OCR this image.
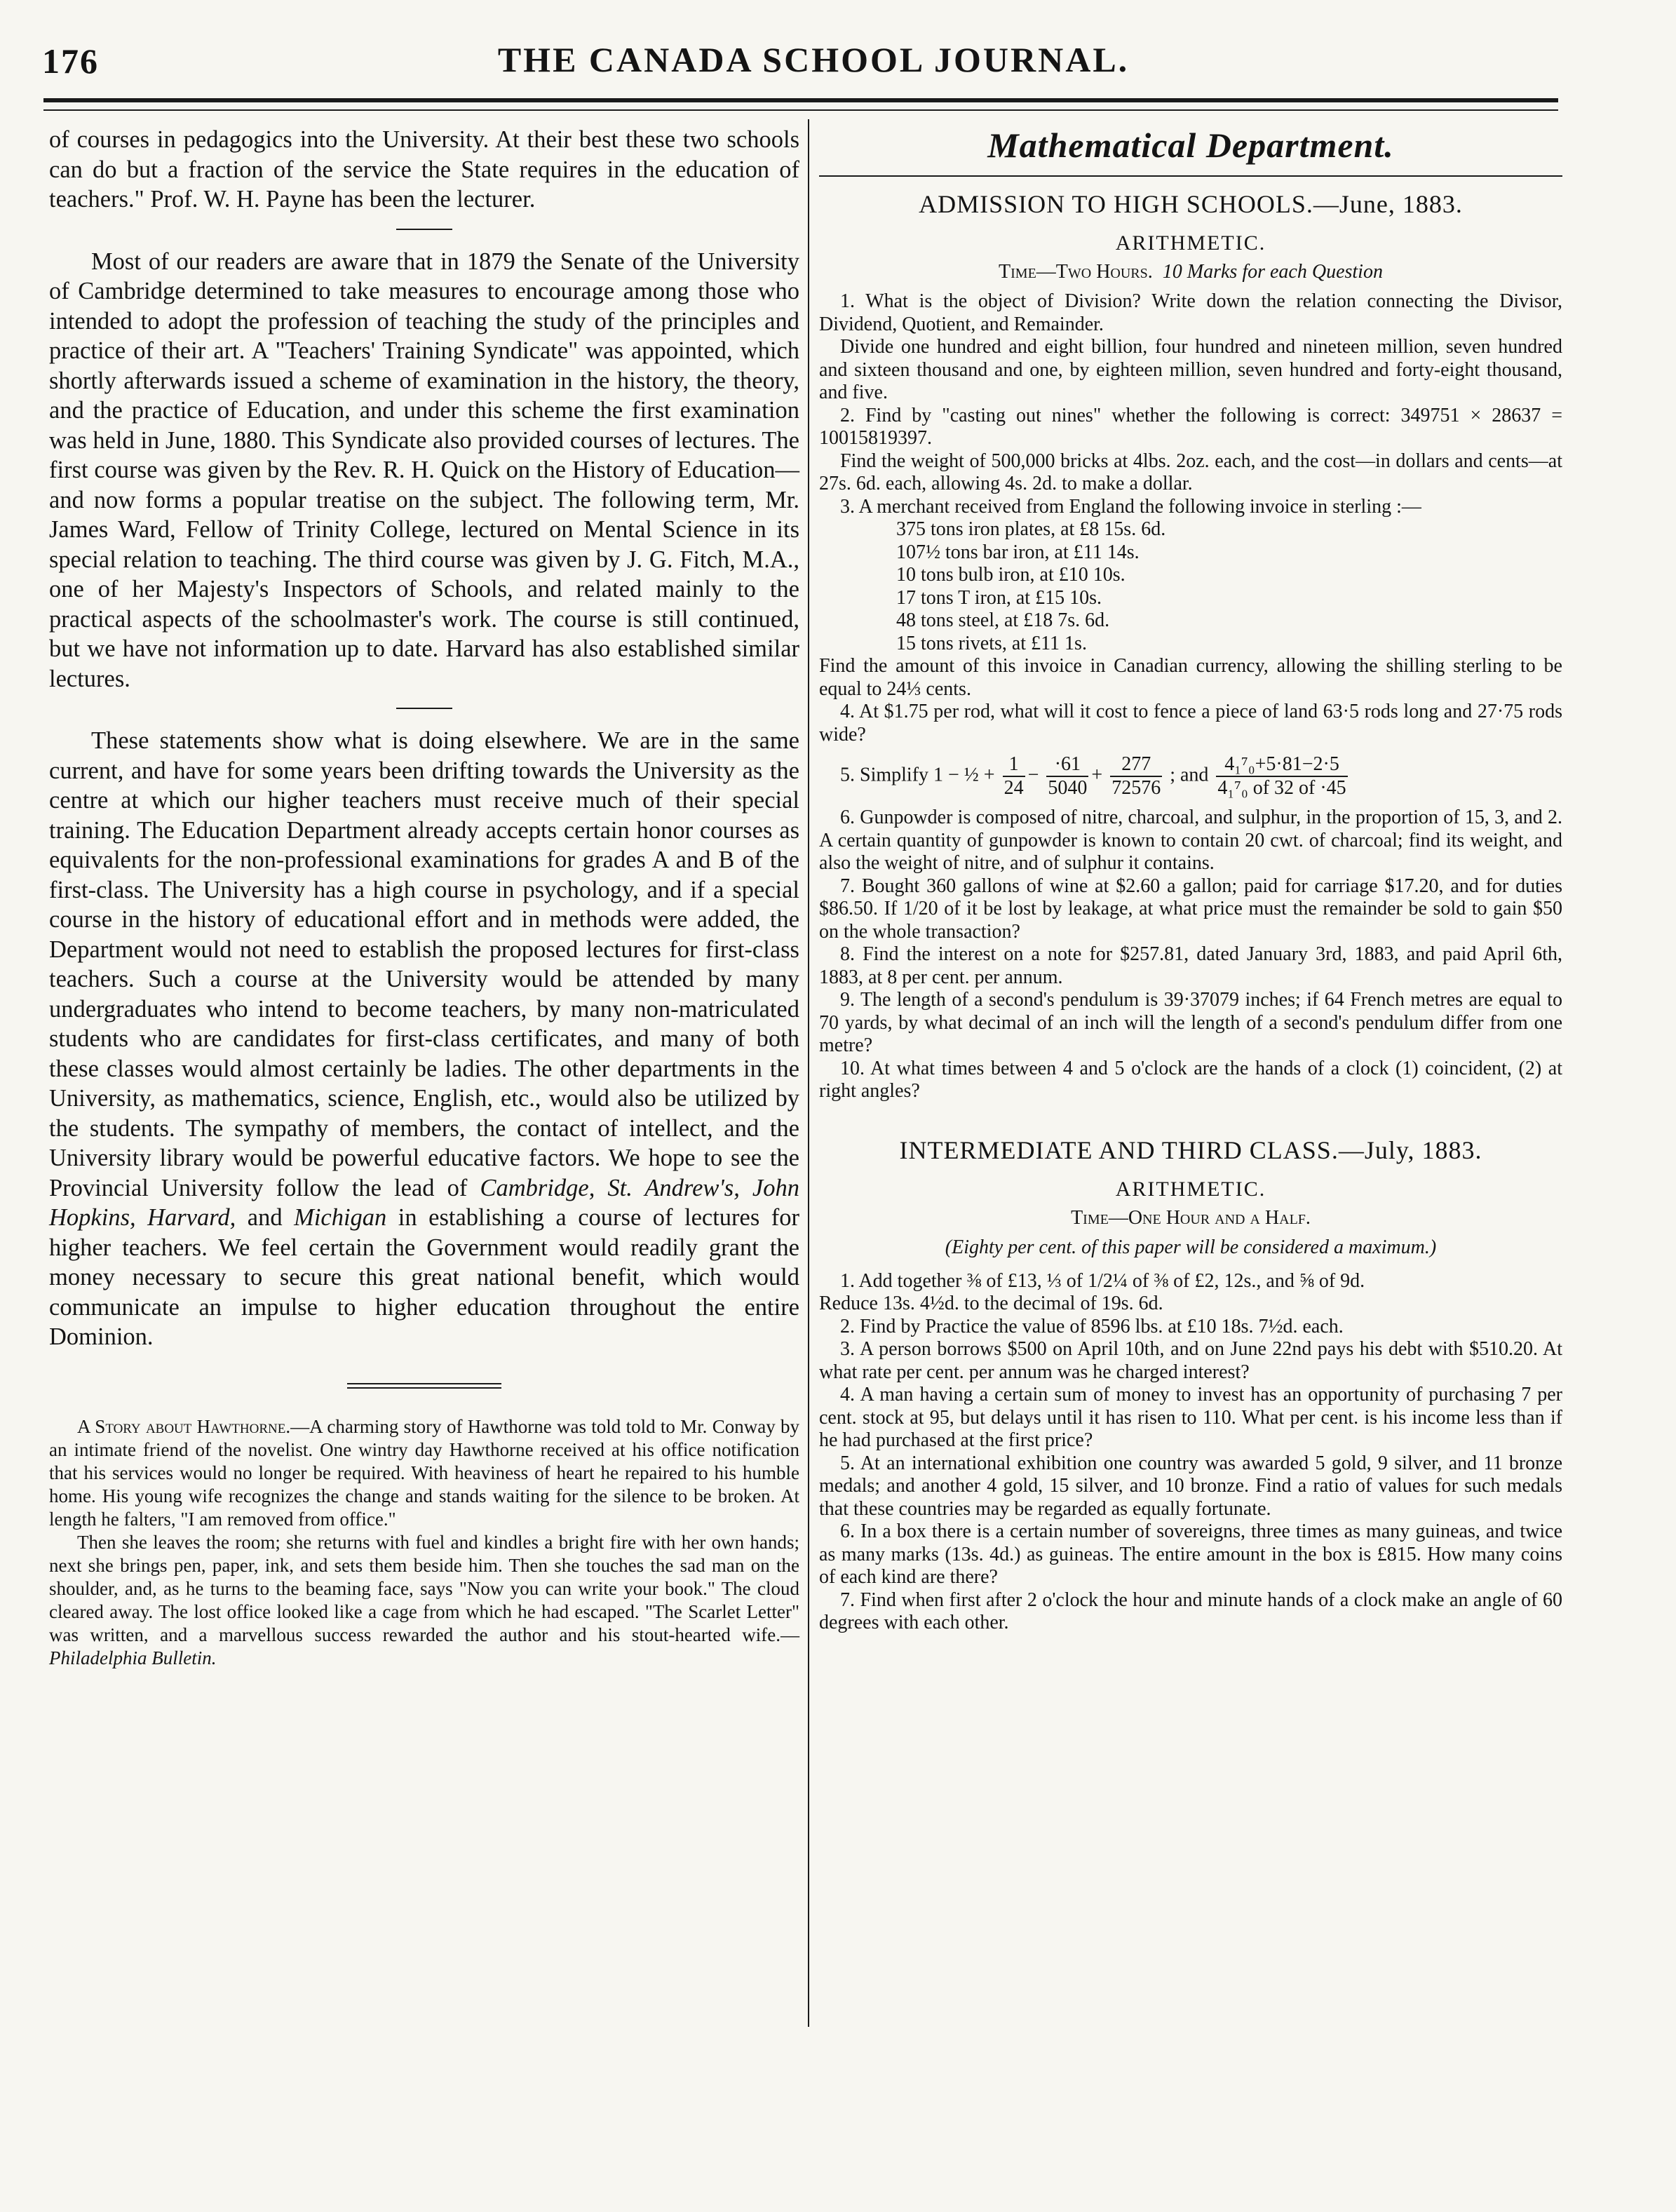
176	THE CANADA SCHOOL JOURNAL.

of courses in pedagogics into the University. At their best these two schools can do but a fraction of the service the State requires in the education of teachers." Prof. W. H. Payne has been the lecturer.

Most of our readers are aware that in 1879 the Senate of the University of Cambridge determined to take measures to encourage among those who intended to adopt the profession of teaching the study of the principles and practice of their art. A "Teachers' Training Syndicate" was appointed, which shortly afterwards issued a scheme of examination in the history, the theory, and the practice of Education, and under this scheme the first examination was held in June, 1880. This Syndicate also provided courses of lectures. The first course was given by the Rev. R. H. Quick on the History of Education—and now forms a popular treatise on the subject. The following term, Mr. James Ward, Fellow of Trinity College, lectured on Mental Science in its special relation to teaching. The third course was given by J. G. Fitch, M.A., one of her Majesty's Inspectors of Schools, and related mainly to the practical aspects of the schoolmaster's work. The course is still continued, but we have not information up to date. Harvard has also established similar lectures.

These statements show what is doing elsewhere. We are in the same current, and have for some years been drifting towards the University as the centre at which our higher teachers must receive much of their special training. The Education Department already accepts certain honor courses as equivalents for the non-professional examinations for grades A and B of the first-class. The University has a high course in psychology, and if a special course in the history of educational effort and in methods were added, the Department would not need to establish the proposed lectures for first-class teachers. Such a course at the University would be attended by many undergraduates who intend to become teachers, by many non-matriculated students who are candidates for first-class certificates, and many of both these classes would almost certainly be ladies. The other departments in the University, as mathematics, science, English, etc., would also be utilized by the students. The sympathy of members, the contact of intellect, and the University library would be powerful educative factors. We hope to see the Provincial University follow the lead of Cambridge, St. Andrew's, John Hopkins, Harvard, and Michigan in establishing a course of lectures for higher teachers. We feel certain the Government would readily grant the money necessary to secure this great national benefit, which would communicate an impulse to higher education throughout the entire Dominion.

A Story about Hawthorne.—A charming story of Hawthorne was told told to Mr. Conway by an intimate friend of the novelist. One wintry day Hawthorne received at his office notification that his services would no longer be required. With heaviness of heart he repaired to his humble home. His young wife recognizes the change and stands waiting for the silence to be broken. At length he falters, "I am removed from office."

Then she leaves the room; she returns with fuel and kindles a bright fire with her own hands; next she brings pen, paper, ink, and sets them beside him. Then she touches the sad man on the shoulder, and, as he turns to the beaming face, says "Now you can write your book." The cloud cleared away. The lost office looked like a cage from which he had escaped. "The Scarlet Letter" was written, and a marvellous success rewarded the author and his stout-hearted wife.—Philadelphia Bulletin.

Mathematical Department.
ADMISSION TO HIGH SCHOOLS.—June, 1883.
ARITHMETIC.
Time—Two Hours. 10 Marks for each Question

1. What is the object of Division? Write down the relation connecting the Divisor, Dividend, Quotient, and Remainder.

Divide one hundred and eight billion, four hundred and nineteen million, seven hundred and sixteen thousand and one, by eighteen million, seven hundred and forty-eight thousand, and five.

2. Find by "casting out nines" whether the following is correct: 349751 × 28637 = 10015819397.

Find the weight of 500,000 bricks at 4lbs. 2oz. each, and the cost—in dollars and cents—at 27s. 6d. each, allowing 4s. 2d. to make a dollar.

3. A merchant received from England the following invoice in sterling :—

375 tons iron plates, at £8 15s. 6d.

107½ tons bar iron, at £11 14s.

10 tons bulb iron, at £10 10s.

17 tons T iron, at £15 10s.

48 tons steel, at £18 7s. 6d.

15 tons rivets, at £11 1s.

Find the amount of this invoice in Canadian currency, allowing the shilling sterling to be equal to 24⅓ cents.

4. At $1.75 per rod, what will it cost to fence a piece of land 63·5 rods long and 27·75 rods wide?

5. Simplify 1 − ½ + $\frac{1}{24} - \frac{\cdot 61}{5040} + \frac{277}{72576}$ ; and $\frac{\text{4₁⁷₀+5·81−2·5}}{\text{4₁⁷₀ of 32 of ·45}}$

6. Gunpowder is composed of nitre, charcoal, and sulphur, in the proportion of 15, 3, and 2. A certain quantity of gunpowder is known to contain 20 cwt. of charcoal; find its weight, and also the weight of nitre, and of sulphur it contains.

7. Bought 360 gallons of wine at $2.60 a gallon; paid for carriage $17.20, and for duties $86.50. If 1/20 of it be lost by leakage, at what price must the remainder be sold to gain $50 on the whole transaction?

8. Find the interest on a note for $257.81, dated January 3rd, 1883, and paid April 6th, 1883, at 8 per cent. per annum.

9. The length of a second's pendulum is 39·37079 inches; if 64 French metres are equal to 70 yards, by what decimal of an inch will the length of a second's pendulum differ from one metre?

10. At what times between 4 and 5 o'clock are the hands of a clock (1) coincident, (2) at right angles?

INTERMEDIATE AND THIRD CLASS.—July, 1883.
ARITHMETIC.
Time—One Hour and a Half.
(Eighty per cent. of this paper will be considered a maximum.)

1. Add together ⅜ of £13, ⅓ of 1/2¼ of ⅜ of £2, 12s., and ⅝ of 9d.

Reduce 13s. 4½d. to the decimal of 19s. 6d.

2. Find by Practice the value of 8596 lbs. at £10 18s. 7½d. each.

3. A person borrows $500 on April 10th, and on June 22nd pays his debt with $510.20. At what rate per cent. per annum was he charged interest?

4. A man having a certain sum of money to invest has an opportunity of purchasing 7 per cent. stock at 95, but delays until it has risen to 110. What per cent. is his income less than if he had purchased at the first price?

5. At an international exhibition one country was awarded 5 gold, 9 silver, and 11 bronze medals; and another 4 gold, 15 silver, and 10 bronze. Find a ratio of values for such medals that these countries may be regarded as equally fortunate.

6. In a box there is a certain number of sovereigns, three times as many guineas, and twice as many marks (13s. 4d.) as guineas. The entire amount in the box is £815. How many coins of each kind are there?

7. Find when first after 2 o'clock the hour and minute hands of a clock make an angle of 60 degrees with each other.
